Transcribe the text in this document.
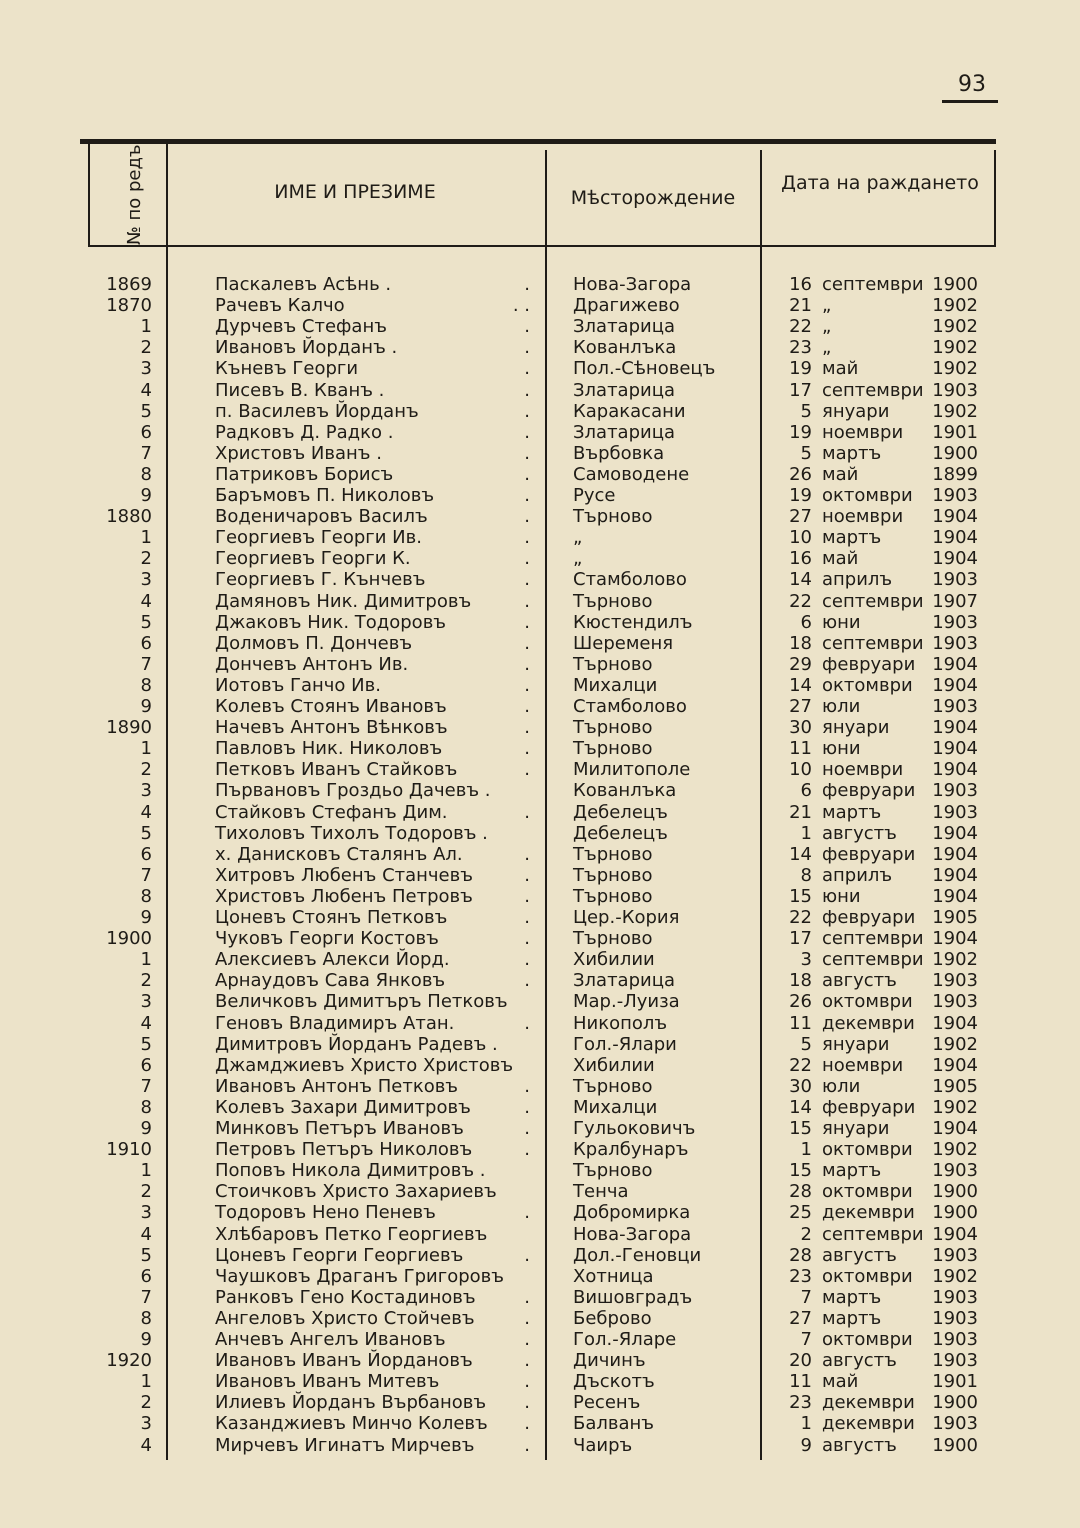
93
№ по редъ	ИМЕ И ПРЕЗИМЕ	Мѣсторождение
Дата на раждането
1869	Паскалевъ Асѣнь .	. Нова-Загора	16 септември 1900
1870	Рачевъ Калчо	. . Драгижево	21 „	1902
1	Дурчевъ Стефанъ	. Златарица	22 „	1902
2	Ивановъ Йорданъ .	. Кованлъка	23 „	1902
3	Къневъ Георги	. Пол.-Сѣновецъ	19 май	1902
4	Писевъ В. Кванъ .	. Златарица	17 септември 1903
5	п. Василевъ Йорданъ	. Каракасани	5 януари	1902
6	Радковъ Д. Радко .	. Златарица	19 ноември	1901
7	Христовъ Иванъ .	. Върбовка	5 мартъ	1900
8	Патриковъ Борисъ	. Самоводене	26 май	1899
9	Баръмовъ П. Николовъ	. Русе	19 октомври	1903
1880	Воденичаровъ Василъ	. Търново	27 ноември	1904
1	Георгиевъ Георги Ив.	. „	10 мартъ	1904
2	Георгиевъ Георги К.	. „	16 май	1904
3	Георгиевъ Г. Кънчевъ	. Стамболово	14 априлъ	1903
4	Дамяновъ Ник. Димитровъ	. Търново	22 септември 1907
5	Джаковъ Ник. Тодоровъ	. Кюстендилъ	6 юни	1903
6	Долмовъ П. Дончевъ	. Шеременя	18 септември 1903
7	Дончевъ Антонъ Ив.	. Търново	29 февруари 1904
8	Иотовъ Ганчо Ив.	. Михалци	14 октомври	1904
9	Колевъ Стоянъ Ивановъ	. Стамболово	27 юли	1903
1890	Начевъ Антонъ Вѣнковъ	. Търново	30 януари	1904
1	Павловъ Ник. Николовъ	. Търново	11 юни	1904
2	Петковъ Иванъ Стайковъ	. Милитополе	10 ноември	1904
3	Първановъ Гроздьо Дачевъ .	Кованлъка	6 февруари 1903
4	Стайковъ Стефанъ Дим.	. Дебелецъ	21 мартъ	1903
5	Тихоловъ Тихолъ Тодоровъ .	Дебелецъ	1 августъ	1904
6	х. Данисковъ Сталянъ Ал.	. Търново	14 февруари 1904
7	Хитровъ Любенъ Станчевъ	. Търново	8 априлъ	1904
8	Христовъ Любенъ Петровъ	. Търново	15 юни	1904
9	Цоневъ Стоянъ Петковъ	. Цер.-Кория	22 февруари 1905
1900	Чуковъ Георги Костовъ	. Търново	17 септември 1904
1	Алексиевъ Алекси Йорд.	. Хибилии	3 септември 1902
2	Арнаудовъ Сава Янковъ	. Златарица	18 августъ	1903
3	Величковъ Димитъръ Петковъ	Мар.-Луиза	26 октомври	1903
4	Геновъ Владимиръ Атан.	. Никополъ	11 декември 1904
5	Димитровъ Йорданъ Радевъ .	Гол.-Ялари	5 януари	1902
6	Джамджиевъ Христо Христовъ	Хибилии	22 ноември	1904
7	Ивановъ Антонъ Петковъ	. Търново	30 юли	1905
8	Колевъ Захари Димитровъ	. Михалци	14 февруари 1902
9	Минковъ Петъръ Ивановъ	. Гульоковичъ	15 януари	1904
1910	Петровъ Петъръ Николовъ	. Кралбунаръ	1 октомври	1902
1	Поповъ Никола Димитровъ .	Търново	15 мартъ	1903
2	Стоичковъ Христо Захариевъ	Тенча	28 октомври	1900
3	Тодоровъ Нено Пеневъ	. Добромирка	25 декември 1900
4	Хлѣбаровъ Петко Георгиевъ	Нова-Загора	2 септември 1904
5	Цоневъ Георги Георгиевъ	. Дол.-Геновци	28 августъ	1903
6	Чаушковъ Драганъ Григоровъ	Хотница	23 октомври	1902
7	Ранковъ Гено Костадиновъ	. Вишовградъ	7 мартъ	1903
8	Ангеловъ Христо Стойчевъ	. Беброво	27 мартъ	1903
9	Анчевъ Ангелъ Ивановъ	. Гол.-Яларе	7 октомври	1903
1920	Ивановъ Иванъ Йордановъ	. Дичинъ	20 августъ	1903
1	Ивановъ Иванъ Митевъ	. Дъскотъ	11 май	1901
2	Илиевъ Йорданъ Върбановъ	. Ресенъ	23 декември 1900
3	Казанджиевъ Минчо Колевъ	. Балванъ	1 декември 1903
4	Мирчевъ Игинатъ Мирчевъ	. Чаиръ	9 августъ	1900
